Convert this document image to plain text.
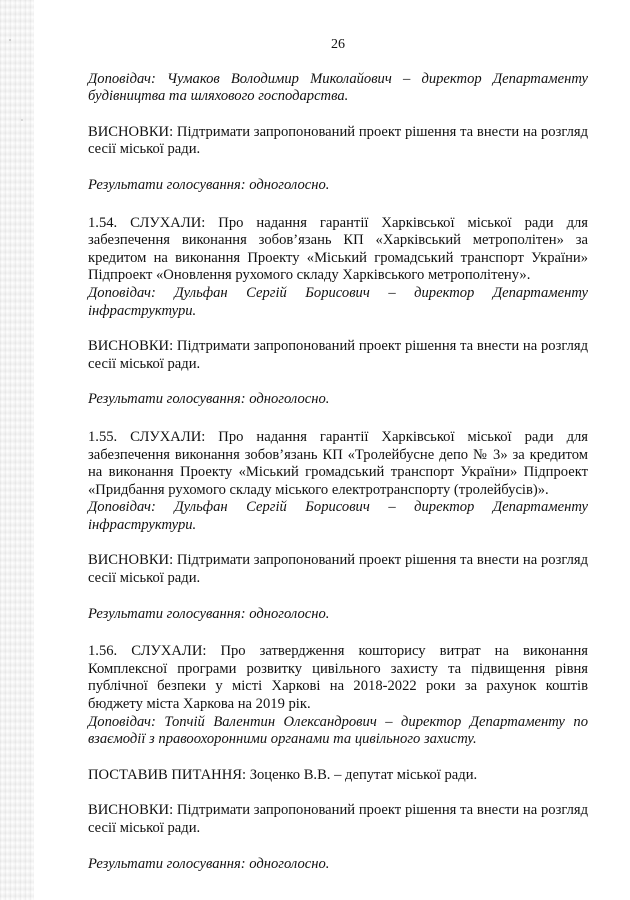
26

Доповідач: Чумаков Володимир Миколайович – директор Департаменту будівництва та шляхового господарства.

ВИСНОВКИ: Підтримати запропонований проект рішення та внести на розгляд сесії міської ради.

Результати голосування: одноголосно.

1.54. СЛУХАЛИ: Про надання гарантії Харківської міської ради для забезпечення виконання зобов’язань КП «Харківський метрополітен» за кредитом на виконання Проекту «Міський громадський транспорт України» Підпроект «Оновлення рухомого складу Харківського метрополітену».

Доповідач: Дульфан Сергій Борисович – директор Департаменту інфраструктури.

ВИСНОВКИ: Підтримати запропонований проект рішення та внести на розгляд сесії міської ради.

Результати голосування: одноголосно.

1.55. СЛУХАЛИ: Про надання гарантії Харківської міської ради для забезпечення виконання зобов’язань КП «Тролейбусне депо № 3» за кредитом на виконання Проекту «Міський громадський транспорт України» Підпроект «Придбання рухомого складу міського електротранспорту (тролейбусів)».

Доповідач: Дульфан Сергій Борисович – директор Департаменту інфраструктури.

ВИСНОВКИ: Підтримати запропонований проект рішення та внести на розгляд сесії міської ради.

Результати голосування: одноголосно.

1.56. СЛУХАЛИ: Про затвердження кошторису витрат на виконання Комплексної програми розвитку цивільного захисту та підвищення рівня публічної безпеки у місті Харкові на 2018-2022 роки за рахунок коштів бюджету міста Харкова на 2019 рік.

Доповідач: Топчій Валентин Олександрович – директор Департаменту по взаємодії з правоохоронними органами та цивільного захисту.

ПОСТАВИВ ПИТАННЯ: Зоценко В.В. – депутат міської ради.

ВИСНОВКИ: Підтримати запропонований проект рішення та внести на розгляд сесії міської ради.

Результати голосування: одноголосно.
